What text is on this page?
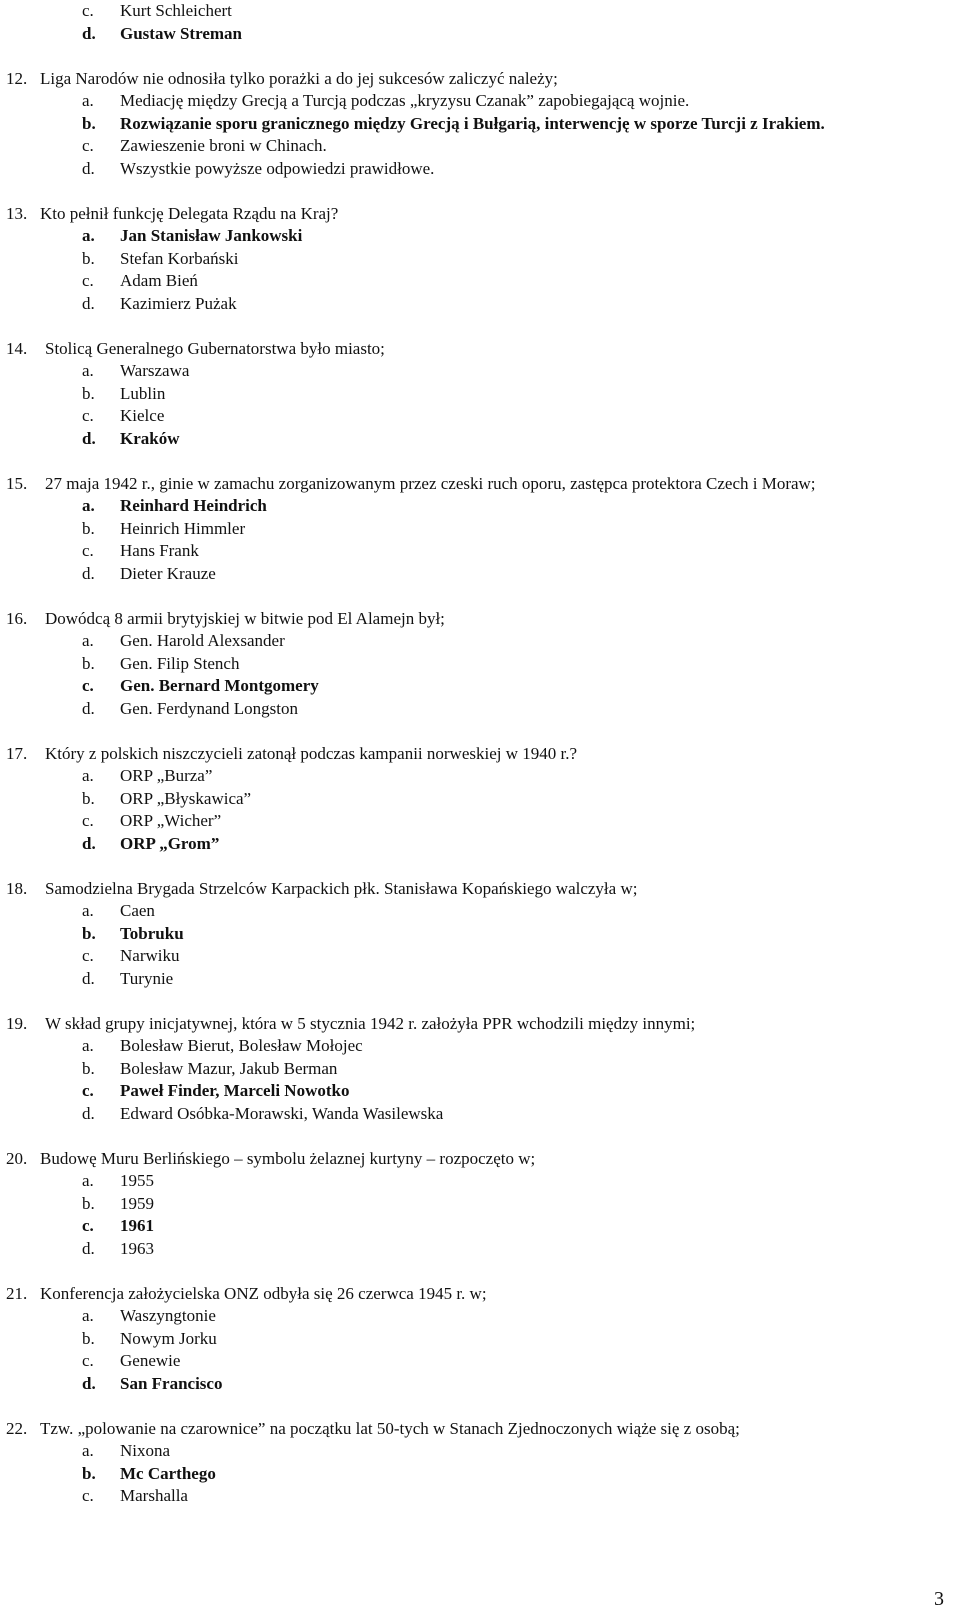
c. Kurt Schleichert
d. Gustaw Streman
12. Liga Narodów nie odnosiła tylko porażki a do jej sukcesów zaliczyć należy;
a. Mediację między Grecją a Turcją podczas „kryzysu Czanak” zapobiegającą wojnie.
b. Rozwiązanie sporu granicznego między Grecją i Bułgarią, interwencję w sporze Turcji z Irakiem.
c. Zawieszenie broni w Chinach.
d. Wszystkie powyższe odpowiedzi prawidłowe.
13. Kto pełnił funkcję Delegata Rządu na Kraj?
a. Jan Stanisław Jankowski
b. Stefan Korbański
c. Adam Bień
d. Kazimierz Pużak
14. Stolicą Generalnego Gubernatorstwa było miasto;
a. Warszawa
b. Lublin
c. Kielce
d. Kraków
15. 27 maja 1942 r., ginie w zamachu zorganizowanym przez czeski ruch oporu, zastępca protektora Czech i Moraw;
a. Reinhard Heindrich
b. Heinrich Himmler
c. Hans Frank
d. Dieter Krauze
16. Dowódcą 8 armii brytyjskiej w bitwie pod El Alamejn był;
a. Gen. Harold Alexsander
b. Gen. Filip Stench
c. Gen. Bernard Montgomery
d. Gen. Ferdynand Longston
17. Który z polskich niszczycieli zatonął podczas kampanii norweskiej w 1940 r.?
a. ORP „Burza”
b. ORP „Błyskawica”
c. ORP „Wicher”
d. ORP „Grom”
18. Samodzielna Brygada Strzelców Karpackich płk. Stanisława Kopańskiego walczyła w;
a. Caen
b. Tobruku
c. Narwiku
d. Turynie
19. W skład grupy inicjatywnej, która w 5 stycznia 1942 r. założyła PPR wchodzili między innymi;
a. Bolesław Bierut, Bolesław Mołojec
b. Bolesław Mazur, Jakub Berman
c. Paweł Finder, Marceli Nowotko
d. Edward Osóbka-Morawski, Wanda Wasilewska
20. Budowę Muru Berlińskiego – symbolu żelaznej kurtyny – rozpoczęto w;
a. 1955
b. 1959
c. 1961
d. 1963
21. Konferencja założycielska ONZ odbyła się 26 czerwca 1945 r. w;
a. Waszyngtonie
b. Nowym Jorku
c. Genewie
d. San Francisco
22. Tzw. „polowanie na czarownice” na początku lat 50-tych w Stanach Zjednoczonych wiąże się z osobą;
a. Nixona
b. Mc Carthego
c. Marshalla
3
